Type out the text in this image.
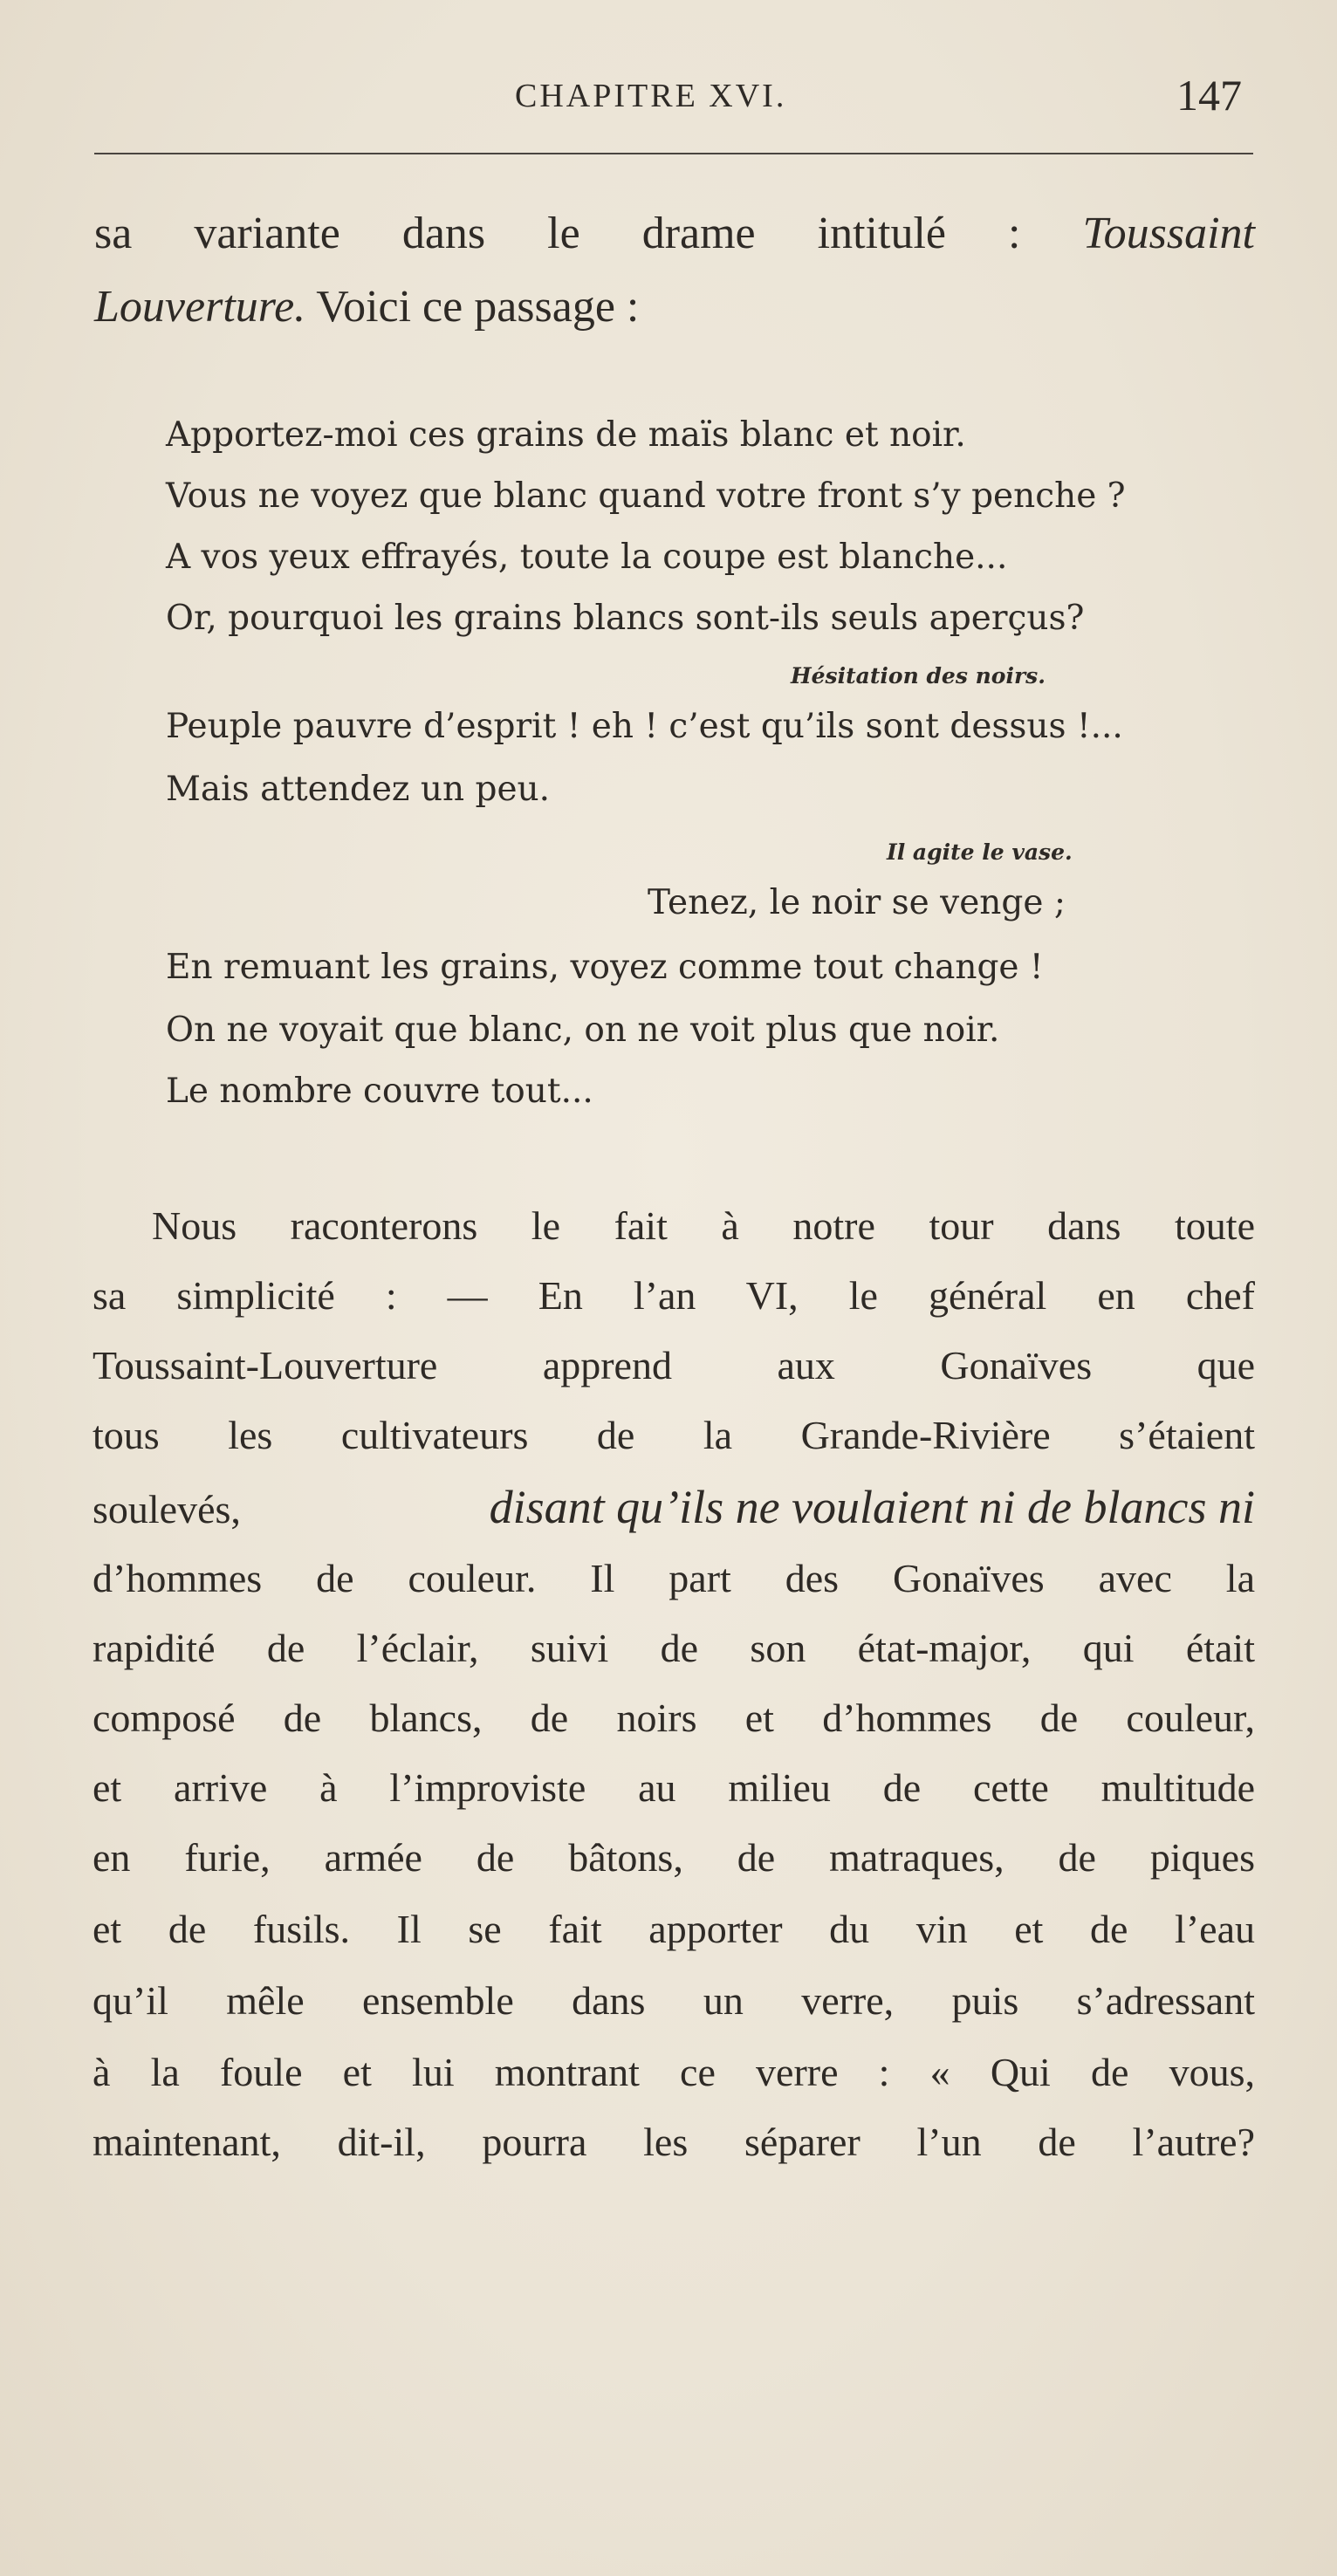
CHAPITRE XVI.	147
sa variante dans le drame intitulé : Toussaint
Louverture. Voici ce passage :
Apportez-moi ces grains de maïs blanc et noir.
Vous ne voyez que blanc quand votre front s’y penche ?
A vos yeux effrayés, toute la coupe est blanche...
Or, pourquoi les grains blancs sont-ils seuls aperçus?
Hésitation des noirs.
Peuple pauvre d’esprit ! eh ! c’est qu’ils sont dessus !...
Mais attendez un peu.
Il agite le vase.
Tenez, le noir se venge ;
En remuant les grains, voyez comme tout change !
On ne voyait que blanc, on ne voit plus que noir.
Le nombre couvre tout...
Nous raconterons le fait à notre tour dans toute
sa simplicité : — En l’an VI, le général en chef
Toussaint-Louverture apprend aux Gonaïves que
tous les cultivateurs de la Grande-Rivière s’étaient
soulevés,	disant qu’ils ne voulaient ni de blancs ni
d’hommes de couleur. Il part des Gonaïves avec la
rapidité de l’éclair, suivi de son état-major, qui était
composé de blancs, de noirs et d’hommes de couleur,
et arrive à l’improviste au milieu de cette multitude
en furie, armée de bâtons, de matraques, de piques
et de fusils. Il se fait apporter du vin et de l’eau
qu’il mêle ensemble dans un verre, puis s’adressant
à la foule et lui montrant ce verre : « Qui de vous,
maintenant, dit-il, pourra les séparer l’un de l’autre?
